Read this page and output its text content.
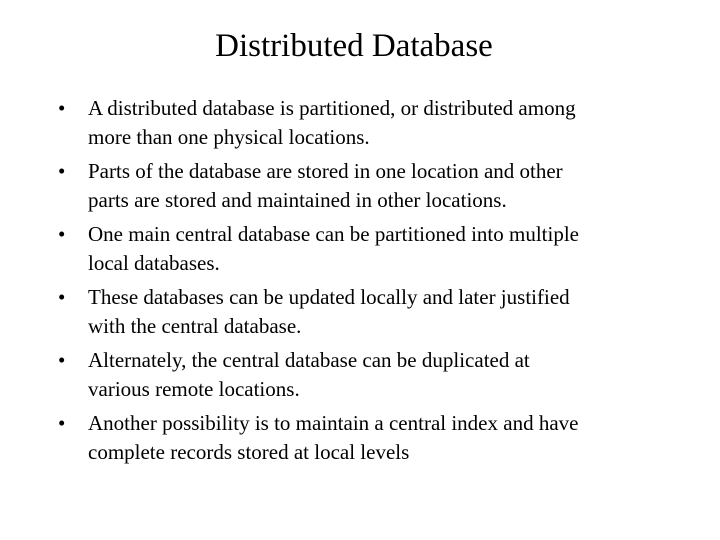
Distributed Database
•	A distributed database is partitioned, or distributed among
more than one physical locations.
•	Parts of the database are stored in one location and other
parts are stored and maintained in other locations.
•	One main central database can be partitioned into multiple
local databases.
•	These databases can be updated locally and later justified
with the central database.
•	Alternately, the central database can be duplicated at
various remote locations.
•	Another possibility is to maintain a central index and have
complete records stored at local levels
